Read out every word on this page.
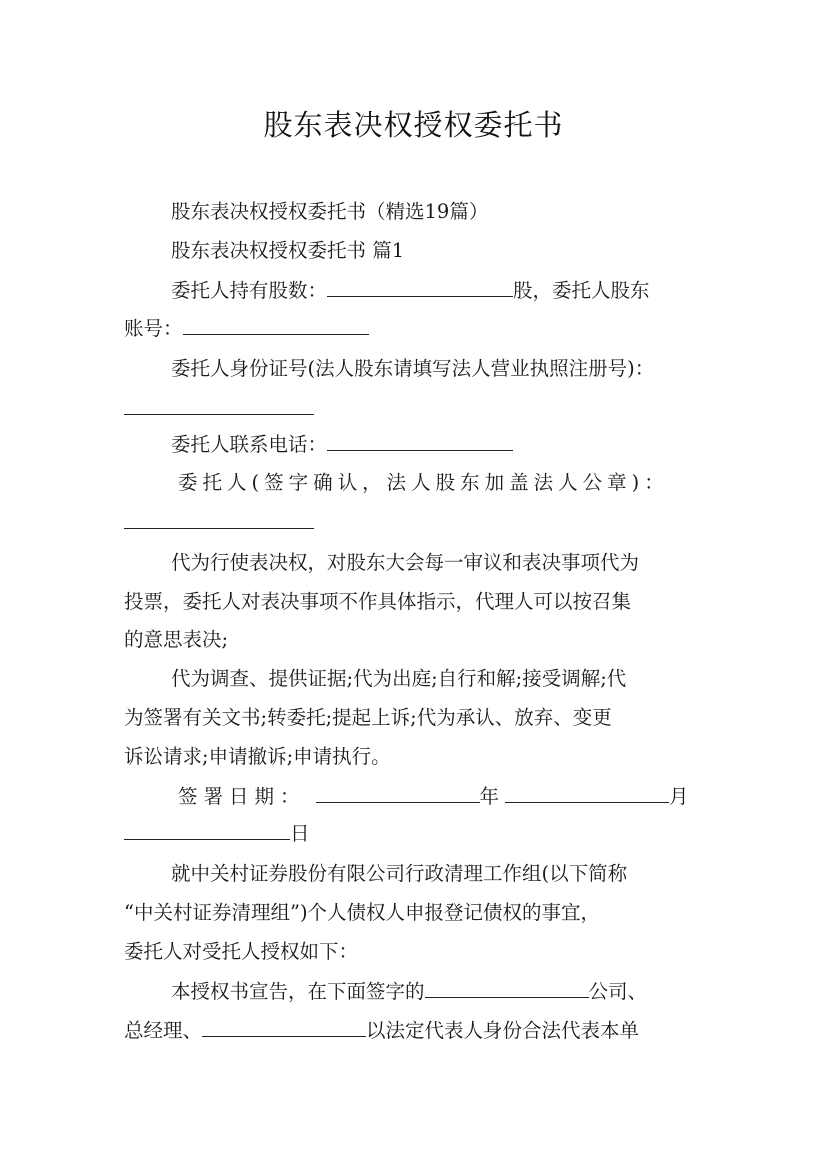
股东表决权授权委托书
股东表决权授权委托书（精选19篇）
股东表决权授权委托书 篇1
委托人持有股数：	股，委托人股东
账号：
委托人身份证号(法人股东请填写法人营业执照注册号)：
委托人联系电话：
委托人(签字确认，法人股东加盖法人公章)：
代为行使表决权，对股东大会每一审议和表决事项代为
投票，委托人对表决事项不作具体指示，代理人可以按召集
的意思表决;
代为调查、提供证据;代为出庭;自行和解;接受调解;代
为签署有关文书;转委托;提起上诉;代为承认、放弃、变更
诉讼请求;申请撤诉;申请执行。
签署日期：	年	月
日
就中关村证券股份有限公司行政清理工作组(以下简称
“中关村证券清理组”)个人债权人申报登记债权的事宜，
委托人对受托人授权如下：
本授权书宣告，在下面签字的	公司、
总经理、	以法定代表人身份合法代表本单
